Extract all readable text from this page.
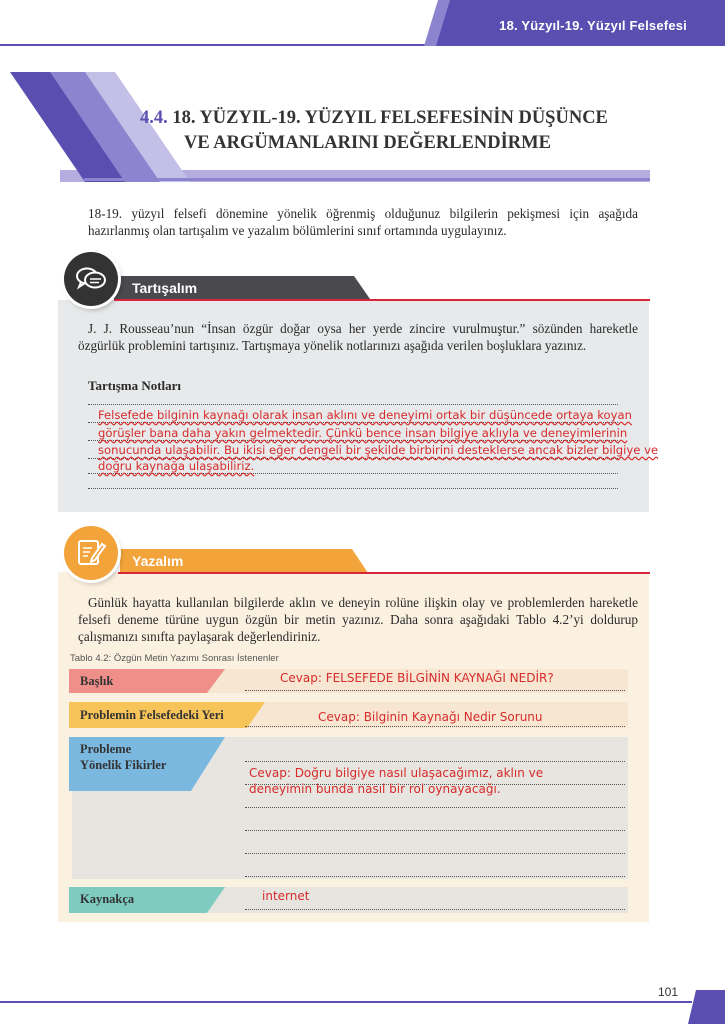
18. Yüzyıl-19. Yüzyıl Felsefesi
4.4. 18. YÜZYIL-19. YÜZYIL FELSEFESİNİN DÜŞÜNCE
VE ARGÜMANLARINI DEĞERLENDİRME
18-19. yüzyıl felsefi dönemine yönelik öğrenmiş olduğunuz bilgilerin pekişmesi için aşağıda hazırlanmış olan tartışalım ve yazalım bölümlerini sınıf ortamında uygulayınız.
Tartışalım
J. J. Rousseau’nun “İnsan özgür doğar oysa her yerde zincire vurulmuştur.” sözünden hareketle özgürlük problemini tartışınız. Tartışmaya yönelik notlarınızı aşağıda verilen boşluklara yazınız.
Tartışma Notları
Felsefede bilginin kaynağı olarak insan aklını ve deneyimi ortak bir düşüncede ortaya koyan
görüşler bana daha yakın gelmektedir. Çünkü bence insan bilgiye aklıyla ve deneyimlerinin
sonucunda ulaşabilir. Bu ikisi eğer dengeli bir şekilde birbirini desteklerse ancak bizler bilgiye ve
doğru kaynağa ulaşabiliriz.
Yazalım
Günlük hayatta kullanılan bilgilerde aklın ve deneyin rolüne ilişkin olay ve problemlerden hareketle felsefi deneme türüne uygun özgün bir metin yazınız. Daha sonra aşağıdaki Tablo 4.2’yi doldurup çalışmanızı sınıfta paylaşarak değerlendiriniz.
Tablo 4.2: Özgün Metin Yazımı Sonrası İstenenler
Başlık	Cevap: FELSEFEDE BİLGİNİN KAYNAĞI NEDİR?
Problemin Felsefedeki Yeri	Cevap: Bilginin Kaynağı Nedir Sorunu
Probleme
Yönelik Fikirler
Cevap: Doğru bilgiye nasıl ulaşacağımız, aklın ve
deneyimin bunda nasıl bir rol oynayacağı.
Kaynakça	internet
101
